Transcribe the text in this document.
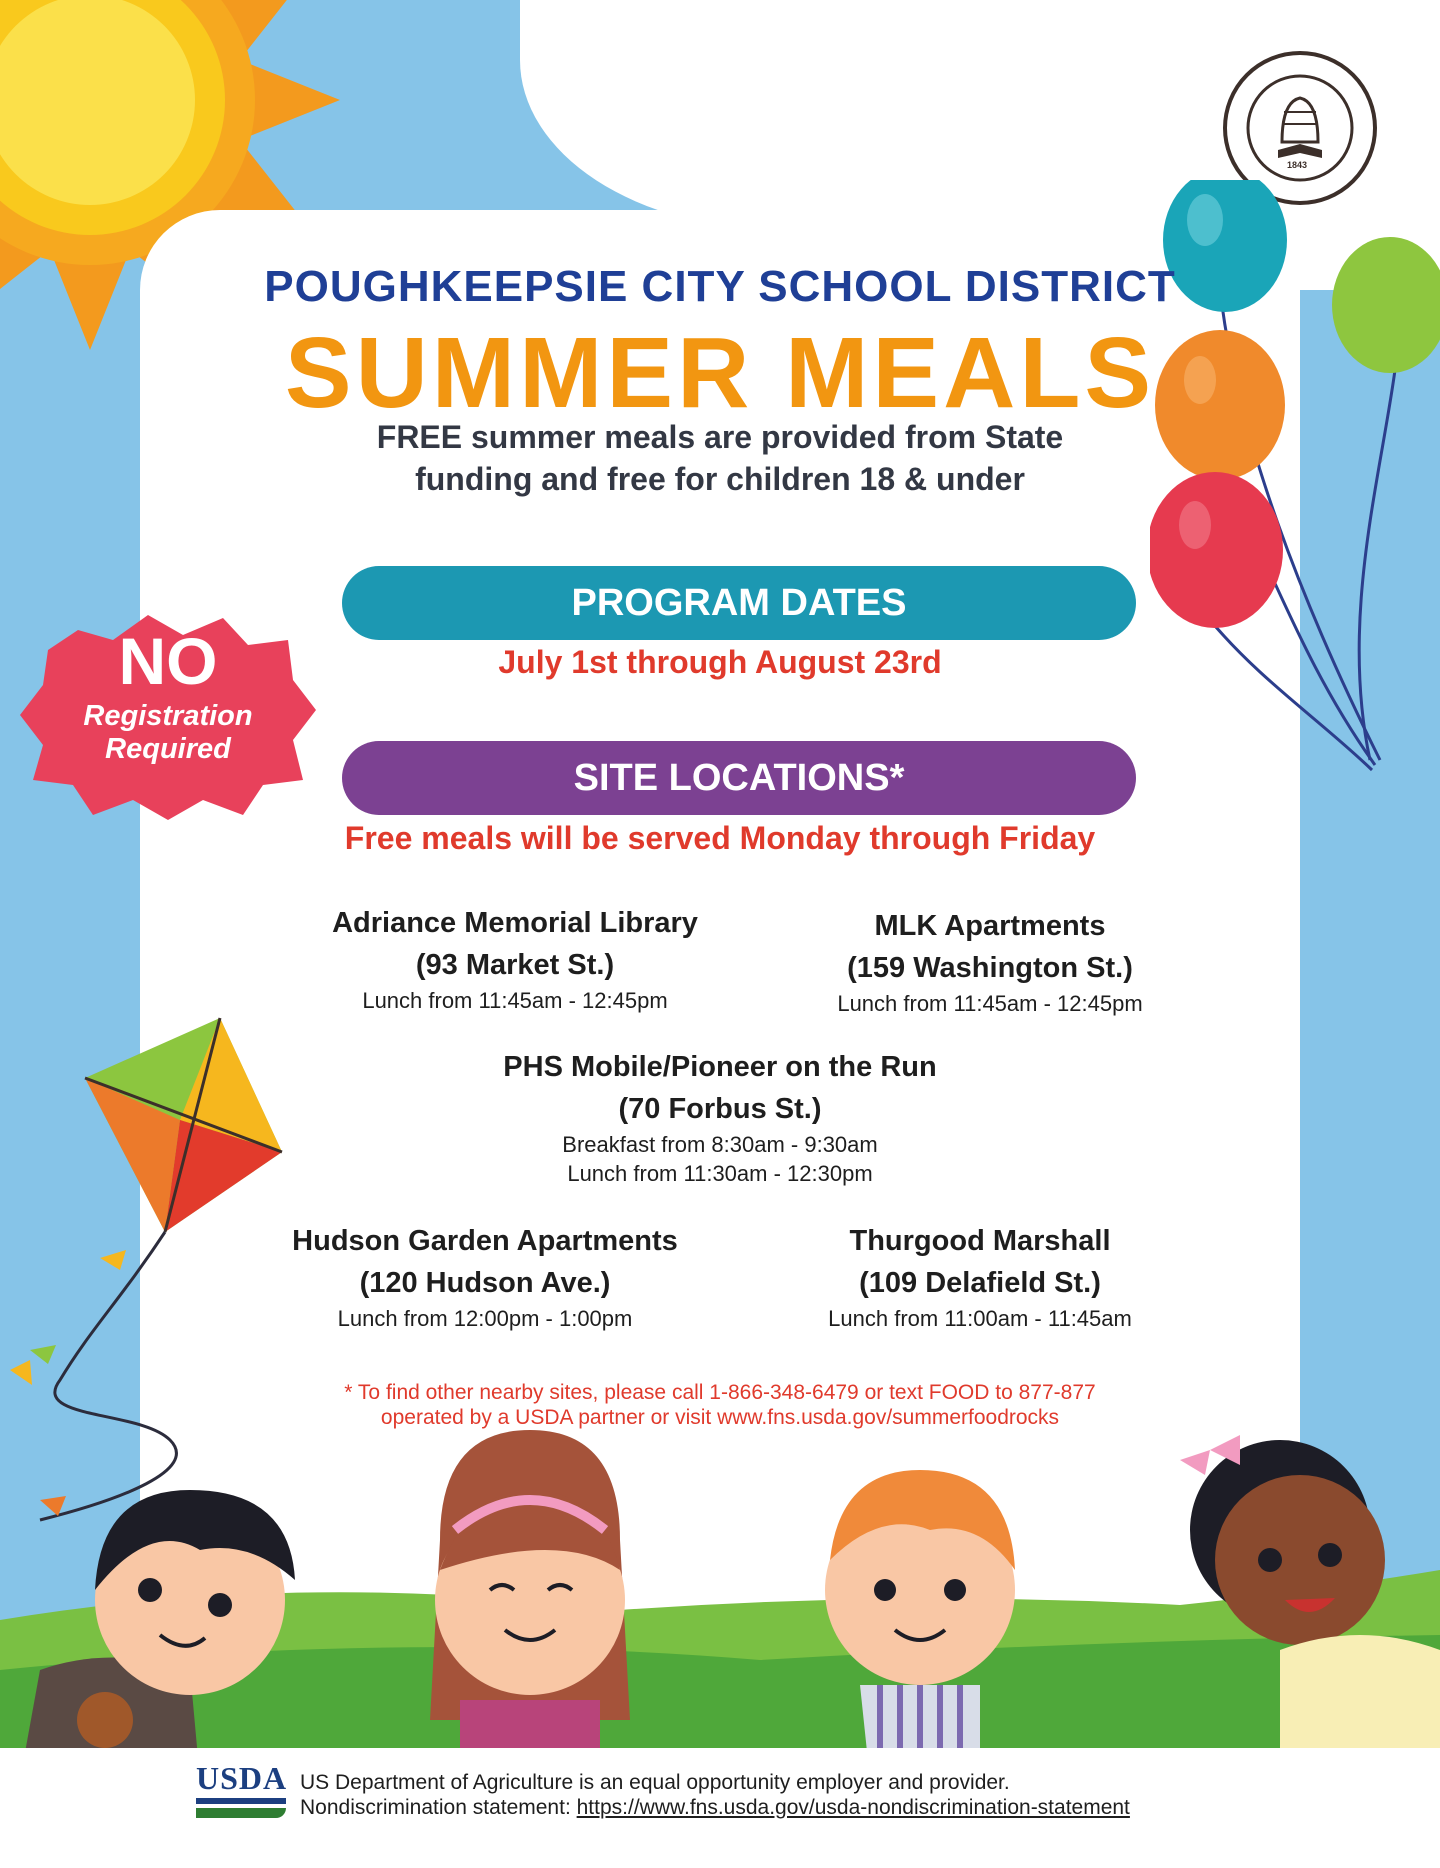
1843
NO
Registration
Required
POUGHKEEPSIE CITY SCHOOL DISTRICT
SUMMER MEALS
FREE summer meals are provided from State
funding and free for children 18 & under
PROGRAM DATES
July 1st through August 23rd
SITE LOCATIONS*
Free meals will be served Monday through Friday
Adriance Memorial Library
(93 Market St.)
Lunch from 11:45am - 12:45pm
MLK Apartments
(159 Washington St.)
Lunch from 11:45am - 12:45pm
PHS Mobile/Pioneer on the Run
(70 Forbus St.)
Breakfast from 8:30am - 9:30am
Lunch from 11:30am - 12:30pm
Hudson Garden Apartments
(120 Hudson Ave.)
Lunch from 12:00pm - 1:00pm
Thurgood Marshall
(109 Delafield St.)
Lunch from 11:00am - 11:45am
* To find other nearby sites, please call 1-866-348-6479 or text FOOD to 877-877
operated by a USDA partner or visit www.fns.usda.gov/summerfoodrocks
USDA US Department of Agriculture is an equal opportunity employer and provider.
Nondiscrimination statement: https://www.fns.usda.gov/usda-nondiscrimination-statement
